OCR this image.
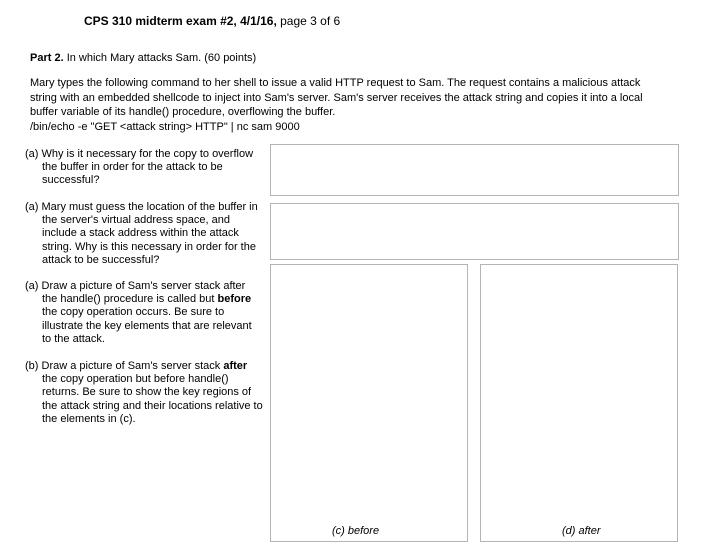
CPS 310 midterm exam #2, 4/1/16, page 3 of 6
Part 2. In which Mary attacks Sam. (60 points)
Mary types the following command to her shell to issue a valid HTTP request to Sam. The request contains a malicious attack
string with an embedded shellcode to inject into Sam's server. Sam's server receives the attack string and copies it into a local
buffer variable of its handle() procedure, overflowing the buffer.
/bin/echo -e "GET <attack string> HTTP" | nc sam 9000
(a) Why is it necessary for the copy to overflow
the buffer in order for the attack to be
successful?
(a) Mary must guess the location of the buffer in
the server's virtual address space, and
include a stack address within the attack
string. Why is this necessary in order for the
attack to be successful?
(a) Draw a picture of Sam's server stack after
the handle() procedure is called but before
the copy operation occurs. Be sure to
illustrate the key elements that are relevant
to the attack.
(b) Draw a picture of Sam's server stack after
the copy operation but before handle()
returns. Be sure to show the key regions of
the attack string and their locations relative to
the elements in (c).
(c) before	(d) after
